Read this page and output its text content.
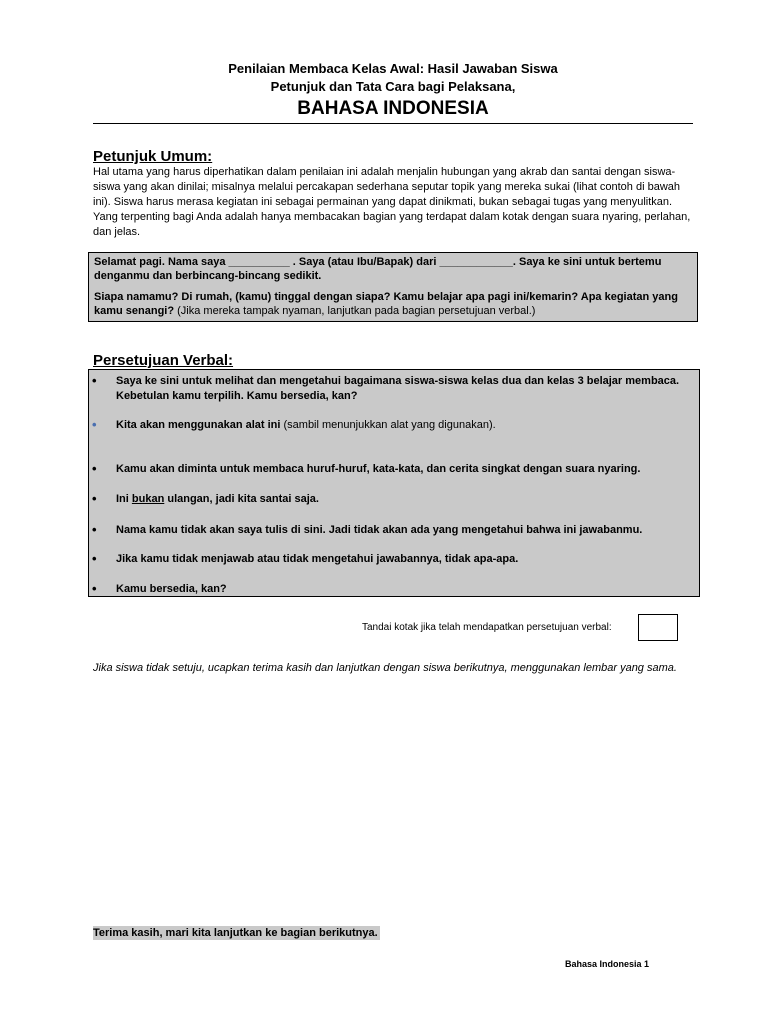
Penilaian Membaca Kelas Awal: Hasil Jawaban Siswa
Petunjuk dan Tata Cara bagi Pelaksana,
BAHASA INDONESIA
Petunjuk Umum:
Hal utama yang harus diperhatikan dalam penilaian ini adalah menjalin hubungan yang akrab dan santai dengan siswa-siswa yang akan dinilai; misalnya melalui percakapan sederhana seputar topik yang mereka sukai (lihat contoh di bawah ini). Siswa harus merasa kegiatan ini sebagai permainan yang dapat dinikmati, bukan sebagai tugas yang menyulitkan. Yang terpenting bagi Anda adalah hanya membacakan bagian yang terdapat dalam kotak dengan suara nyaring, perlahan, dan jelas.

Selamat pagi. Nama saya __________ . Saya (atau Ibu/Bapak) dari ____________. Saya ke sini untuk bertemu denganmu dan berbincang-bincang sedikit.

Siapa namamu? Di rumah, (kamu) tinggal dengan siapa? Kamu belajar apa pagi ini/kemarin? Apa kegiatan yang kamu senangi? (Jika mereka tampak nyaman, lanjutkan pada bagian persetujuan verbal.)

Persetujuan Verbal:
• Saya ke sini untuk melihat dan mengetahui bagaimana siswa-siswa kelas dua dan kelas 3 belajar membaca. Kebetulan kamu terpilih. Kamu bersedia, kan?
• Kita akan menggunakan alat ini (sambil menunjukkan alat yang digunakan).
• Kamu akan diminta untuk membaca huruf-huruf, kata-kata, dan cerita singkat dengan suara nyaring.
• Ini bukan ulangan, jadi kita santai saja.
• Nama kamu tidak akan saya tulis di sini. Jadi tidak akan ada yang mengetahui bahwa ini jawabanmu.
• Jika kamu tidak menjawab atau tidak mengetahui jawabannya, tidak apa-apa.
• Kamu bersedia, kan?
Tandai kotak jika telah mendapatkan persetujuan verbal:
Jika siswa tidak setuju, ucapkan terima kasih dan lanjutkan dengan siswa berikutnya, menggunakan lembar yang sama.
Terima kasih, mari kita lanjutkan ke bagian berikutnya.
Bahasa Indonesia 1
